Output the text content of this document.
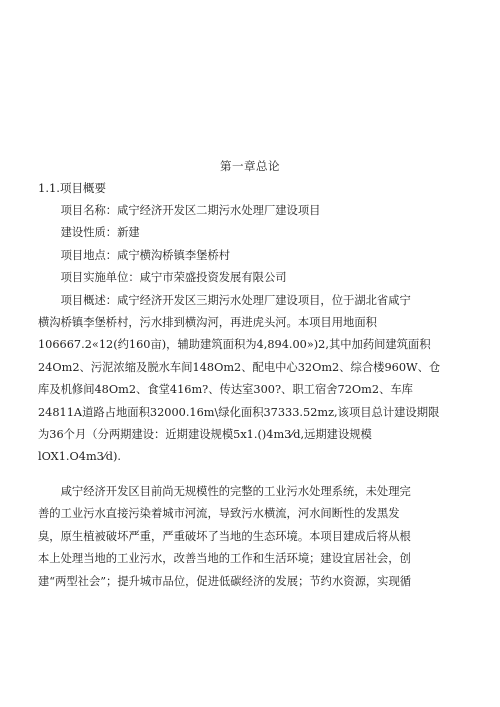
第一章总论
1.1.项目概要

项目名称：咸宁经济开发区二期污水处理厂建设项目

建设性质：新建

项目地点：咸宁横沟桥镇李堡桥村

项目实施单位：咸宁市荣盛投资发展有限公司

项目概述：咸宁经济开发区三期污水处理厂建设项目，位于湖北省咸宁

横沟桥镇李堡桥村，污水排到横沟河，再进虎头河。本项目用地面积

106667.2«12(约160亩)，辅助建筑面积为4,894.00»)2,其中加药间建筑面积

24Om2、污泥浓缩及脱水车间148Om2、配电中心32Om2、综合楼960W、仓

库及机修间48Om2、食堂416m?、传达室300?、职工宿舍72Om2、车库

24811A道路占地面积32000.16m\绿化面积37333.52mz,该项目总计建设期限

为36个月（分两期建设：近期建设规模5x1.()4m3⁄d,远期建设规模

lOX1.O4m3⁄d).

咸宁经济开发区目前尚无规模性的完整的工业污水处理系统，未处理完

善的工业污水直接污染着城市河流，导致污水横流，河水间断性的发黑发

臭，原生植被破坏严重，严重破坏了当地的生态环境。本项目建成后将从根

本上处理当地的工业污水，改善当地的工作和生活环境；建设宜居社会，创

建“两型社会”；提升城市品位，促进低碳经济的发展；节约水资源，实现循
